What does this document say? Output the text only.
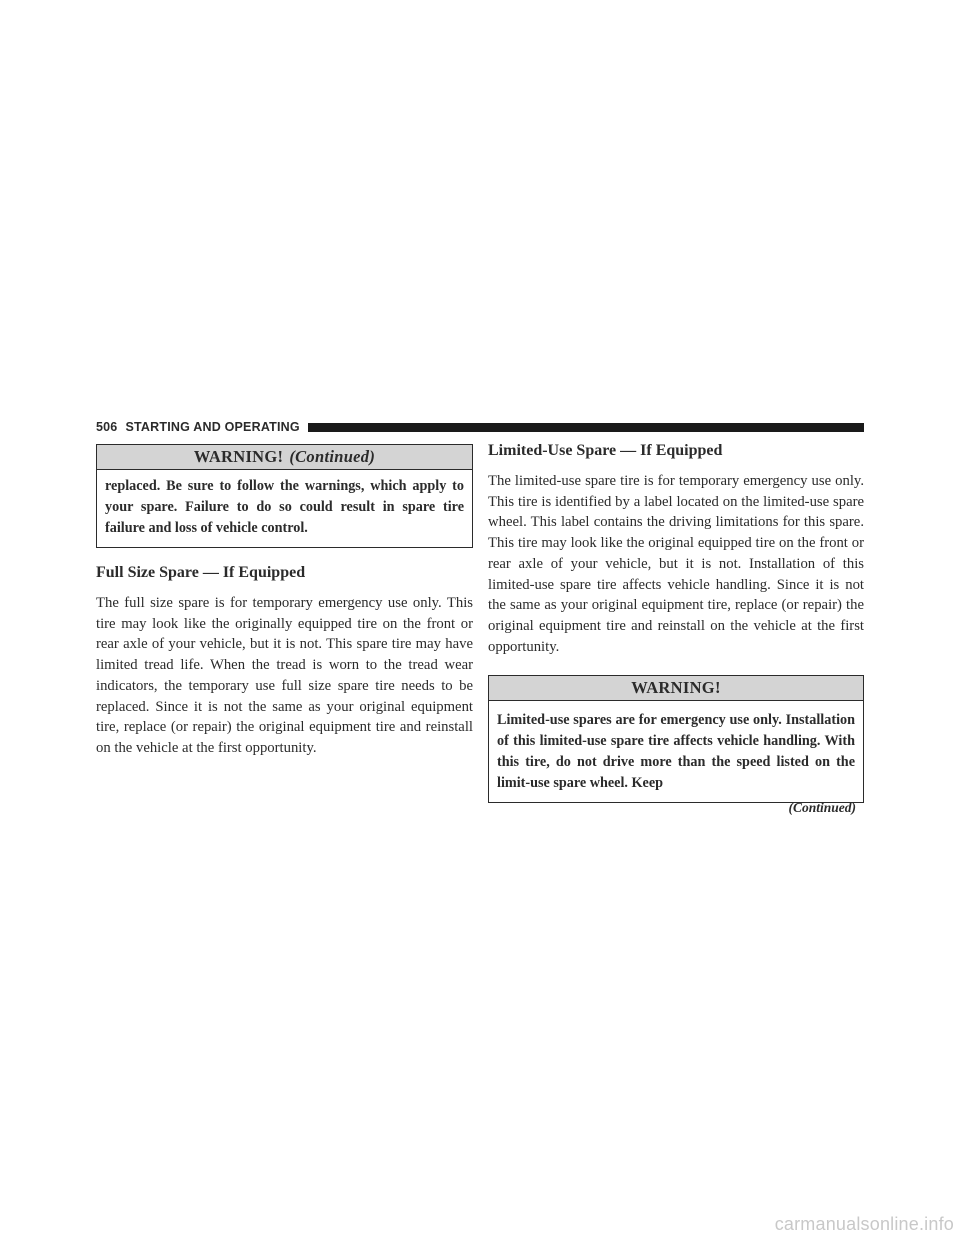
506 STARTING AND OPERATING
WARNING! (Continued)
replaced. Be sure to follow the warnings, which apply to your spare. Failure to do so could result in spare tire failure and loss of vehicle control.
Full Size Spare — If Equipped
The full size spare is for temporary emergency use only. This tire may look like the originally equipped tire on the front or rear axle of your vehicle, but it is not. This spare tire may have limited tread life. When the tread is worn to the tread wear indicators, the temporary use full size spare tire needs to be replaced. Since it is not the same as your original equipment tire, replace (or repair) the original equipment tire and reinstall on the vehicle at the first opportunity.
Limited-Use Spare — If Equipped
The limited-use spare tire is for temporary emergency use only. This tire is identified by a label located on the limited-use spare wheel. This label contains the driving limitations for this spare. This tire may look like the original equipped tire on the front or rear axle of your vehicle, but it is not. Installation of this limited-use spare tire affects vehicle handling. Since it is not the same as your original equipment tire, replace (or repair) the original equipment tire and reinstall on the vehicle at the first opportunity.
WARNING!
Limited-use spares are for emergency use only. Installation of this limited-use spare tire affects vehicle handling. With this tire, do not drive more than the speed listed on the limit-use spare wheel. Keep
(Continued)
carmanualsonline.info
